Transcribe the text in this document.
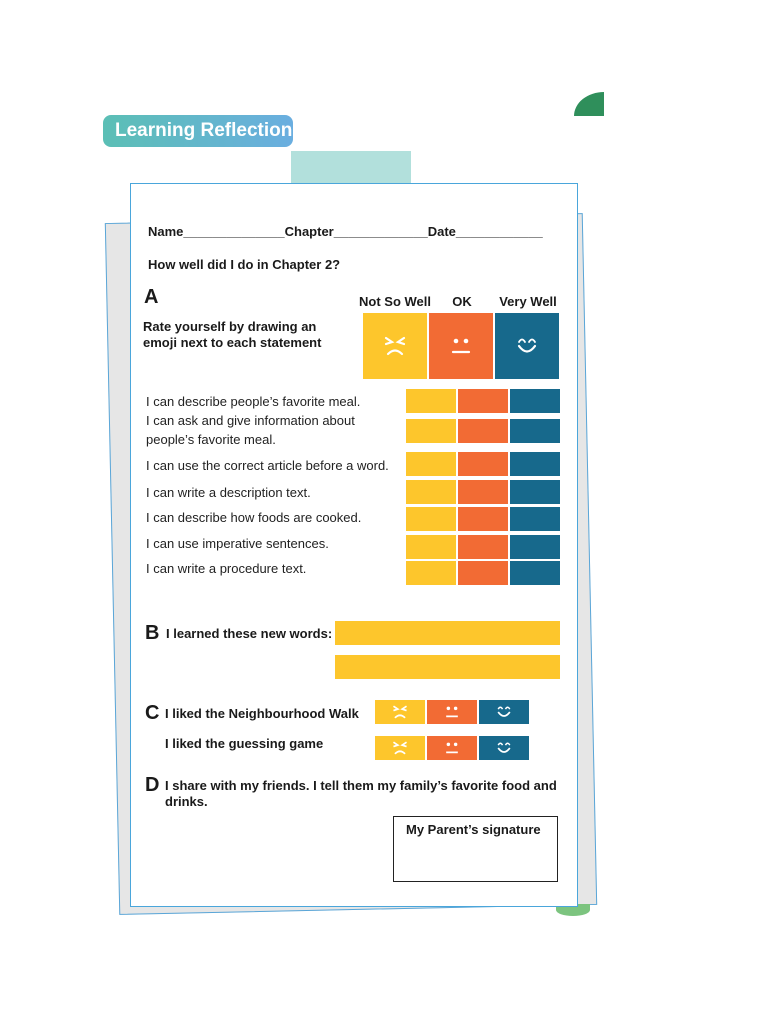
Learning Reflection
Name______________Chapter_____________Date____________
How well did I do in Chapter 2?
A
Rate yourself by drawing an emoji next to each statement
Not So Well	OK	Very Well
I can describe people’s favorite meal.
I can ask and give information about people’s favorite meal.
I can use the correct article before a word.
I can write a description text.
I can describe how foods are cooked.
I can use imperative sentences.
I can write a procedure text.
B I learned these new words:
C I liked the Neighbourhood Walk
I liked the guessing game
D I share with my friends. I tell them my family’s favorite food and drinks.
My Parent’s signature
